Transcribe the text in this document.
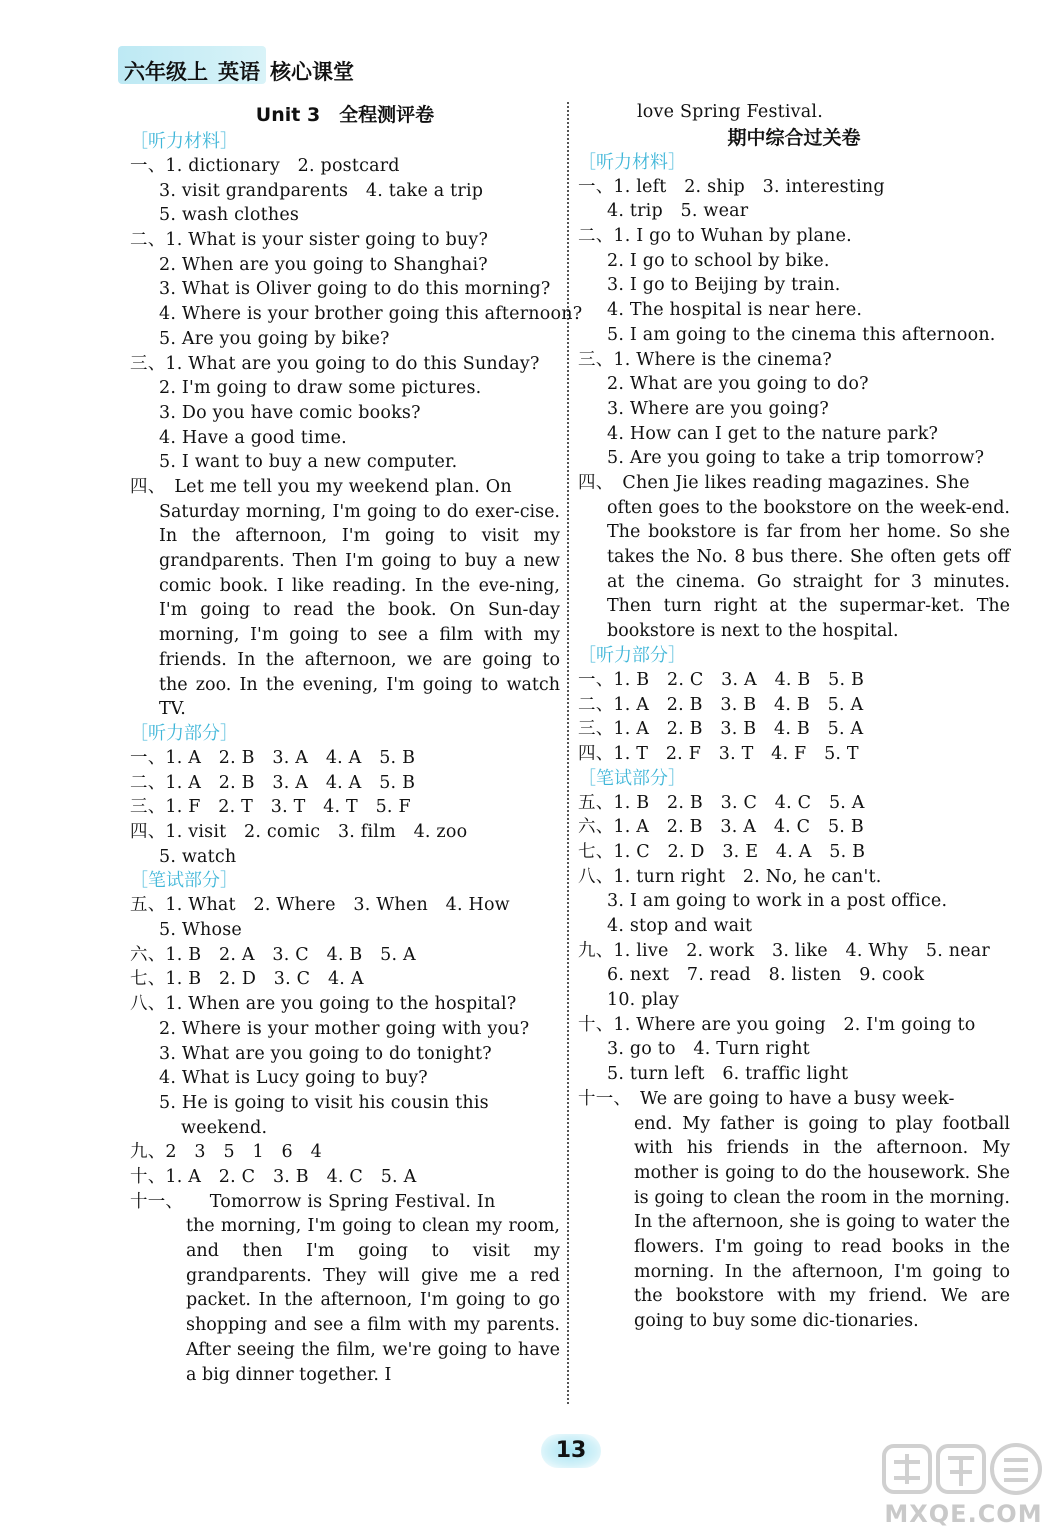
六年级上 英语 核心课堂
Unit 3　全程测评卷
［听力材料］
一、1. dictionary　2. postcard
3. visit grandparents　4. take a trip
5. wash clothes
二、1. What is your sister going to buy?
2. When are you going to Shanghai?
3. What is Oliver going to do this morning?
4. Where is your brother going this afternoon?
5. Are you going by bike?
三、1. What are you going to do this Sunday?
2. I'm going to draw some pictures.
3. Do you have comic books?
4. Have a good time.
5. I want to buy a new computer.
四、　Let me tell you my weekend plan. On
Saturday morning, I'm going to do exer-cise. In the afternoon, I'm going to visit my grandparents. Then I'm going to buy a new comic book. I like reading. In the eve-ning, I'm going to read the book. On Sun-day morning, I'm going to see a film with my friends. In the afternoon, we are going to the zoo. In the evening, I'm going to watch TV.
［听力部分］
一、1. A　2. B　3. A　4. A　5. B
二、1. A　2. B　3. A　4. A　5. B
三、1. F　2. T　3. T　4. T　5. F
四、1. visit　2. comic　3. film　4. zoo
5. watch
［笔试部分］
五、1. What　2. Where　3. When　4. How
5. Whose
六、1. B　2. A　3. C　4. B　5. A
七、1. B　2. D　3. C　4. A
八、1. When are you going to the hospital?
2. Where is your mother going with you?
3. What are you going to do tonight?
4. What is Lucy going to buy?
5. He is going to visit his cousin this
weekend.
九、2　3　5　1　6　4
十、1. A　2. C　3. B　4. C　5. A
十一、　　Tomorrow is Spring Festival. In
the morning, I'm going to clean my room, and then I'm going to visit my grandparents. They will give me a red packet. In the afternoon, I'm going to go shopping and see a film with my parents. After seeing the film, we're going to have a big dinner together. I
love Spring Festival.
期中综合过关卷
［听力材料］
一、1. left　2. ship　3. interesting
4. trip　5. wear
二、1. I go to Wuhan by plane.
2. I go to school by bike.
3. I go to Beijing by train.
4. The hospital is near here.
5. I am going to the cinema this afternoon.
三、1. Where is the cinema?
2. What are you going to do?
3. Where are you going?
4. How can I get to the nature park?
5. Are you going to take a trip tomorrow?
四、　Chen Jie likes reading magazines. She
often goes to the bookstore on the week-end. The bookstore is far from her home. So she takes the No. 8 bus there. She often gets off at the cinema. Go straight for 3 minutes. Then turn right at the supermar-ket. The bookstore is next to the hospital.
［听力部分］
一、1. B　2. C　3. A　4. B　5. B
二、1. A　2. B　3. B　4. B　5. A
三、1. A　2. B　3. B　4. B　5. A
四、1. T　2. F　3. T　4. F　5. T
［笔试部分］
五、1. B　2. B　3. C　4. C　5. A
六、1. A　2. B　3. A　4. C　5. B
七、1. C　2. D　3. E　4. A　5. B
八、1. turn right　2. No, he can't.
3. I am going to work in a post office.
4. stop and wait
九、1. live　2. work　3. like　4. Why　5. near
6. next　7. read　8. listen　9. cook
10. play
十、1. Where are you going　2. I'm going to
3. go to　4. Turn right
5. turn left　6. traffic light
十一、　We are going to have a busy week-
end. My father is going to play football with his friends in the afternoon. My mother is going to do the housework. She is going to clean the room in the morning. In the afternoon, she is going to water the flowers. I'm going to read books in the morning. In the afternoon, I'm going to the bookstore with my friend. We are going to buy some dic-tionaries.
13
MXQE.COM
